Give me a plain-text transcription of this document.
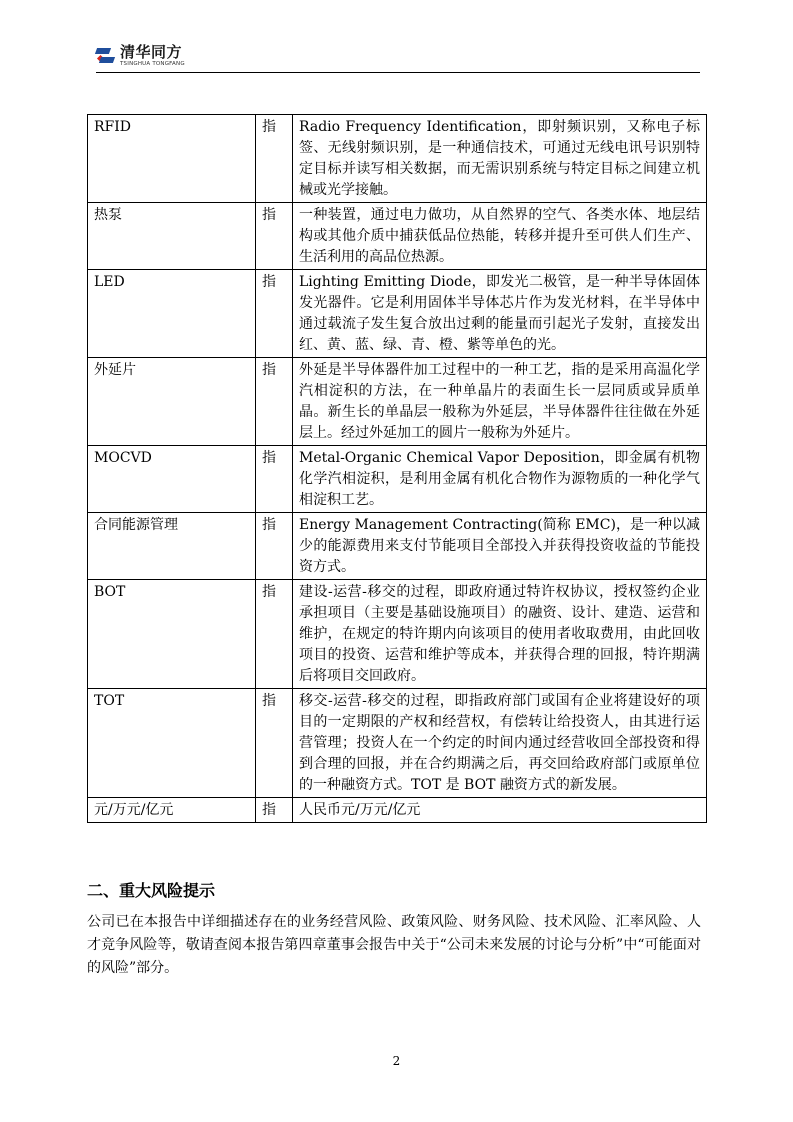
清华同方
TSINGHUA TONGFANG
RFID	指	Radio Frequency Identification，即射频识别，又称电子标签、无线射频识别，是一种通信技术，可通过无线电讯号识别特定目标并读写相关数据，而无需识别系统与特定目标之间建立机械或光学接触。
热泵	指	一种装置，通过电力做功，从自然界的空气、各类水体、地层结构或其他介质中捕获低品位热能，转移并提升至可供人们生产、生活利用的高品位热源。
LED	指	Lighting Emitting Diode，即发光二极管，是一种半导体固体发光器件。它是利用固体半导体芯片作为发光材料，在半导体中通过载流子发生复合放出过剩的能量而引起光子发射，直接发出红、黄、蓝、绿、青、橙、紫等单色的光。
外延片	指	外延是半导体器件加工过程中的一种工艺，指的是采用高温化学汽相淀积的方法，在一种单晶片的表面生长一层同质或异质单晶。新生长的单晶层一般称为外延层，半导体器件往往做在外延层上。经过外延加工的圆片一般称为外延片。
MOCVD	指	Metal-Organic Chemical Vapor Deposition，即金属有机物化学汽相淀积，是利用金属有机化合物作为源物质的一种化学气相淀积工艺。
合同能源管理	指	Energy Management Contracting(简称 EMC)，是一种以减少的能源费用来支付节能项目全部投入并获得投资收益的节能投资方式。
BOT	指	建设-运营-移交的过程，即政府通过特许权协议，授权签约企业承担项目（主要是基础设施项目）的融资、设计、建造、运营和维护，在规定的特许期内向该项目的使用者收取费用，由此回收项目的投资、运营和维护等成本，并获得合理的回报，特许期满后将项目交回政府。
TOT	指	移交-运营-移交的过程，即指政府部门或国有企业将建设好的项目的一定期限的产权和经营权，有偿转让给投资人，由其进行运营管理；投资人在一个约定的时间内通过经营收回全部投资和得到合理的回报，并在合约期满之后，再交回给政府部门或原单位的一种融资方式。TOT 是 BOT 融资方式的新发展。
元/万元/亿元	指	人民币元/万元/亿元
二、重大风险提示
公司已在本报告中详细描述存在的业务经营风险、政策风险、财务风险、技术风险、汇率风险、人才竞争风险等，敬请查阅本报告第四章董事会报告中关于“公司未来发展的讨论与分析”中“可能面对的风险”部分。
2
